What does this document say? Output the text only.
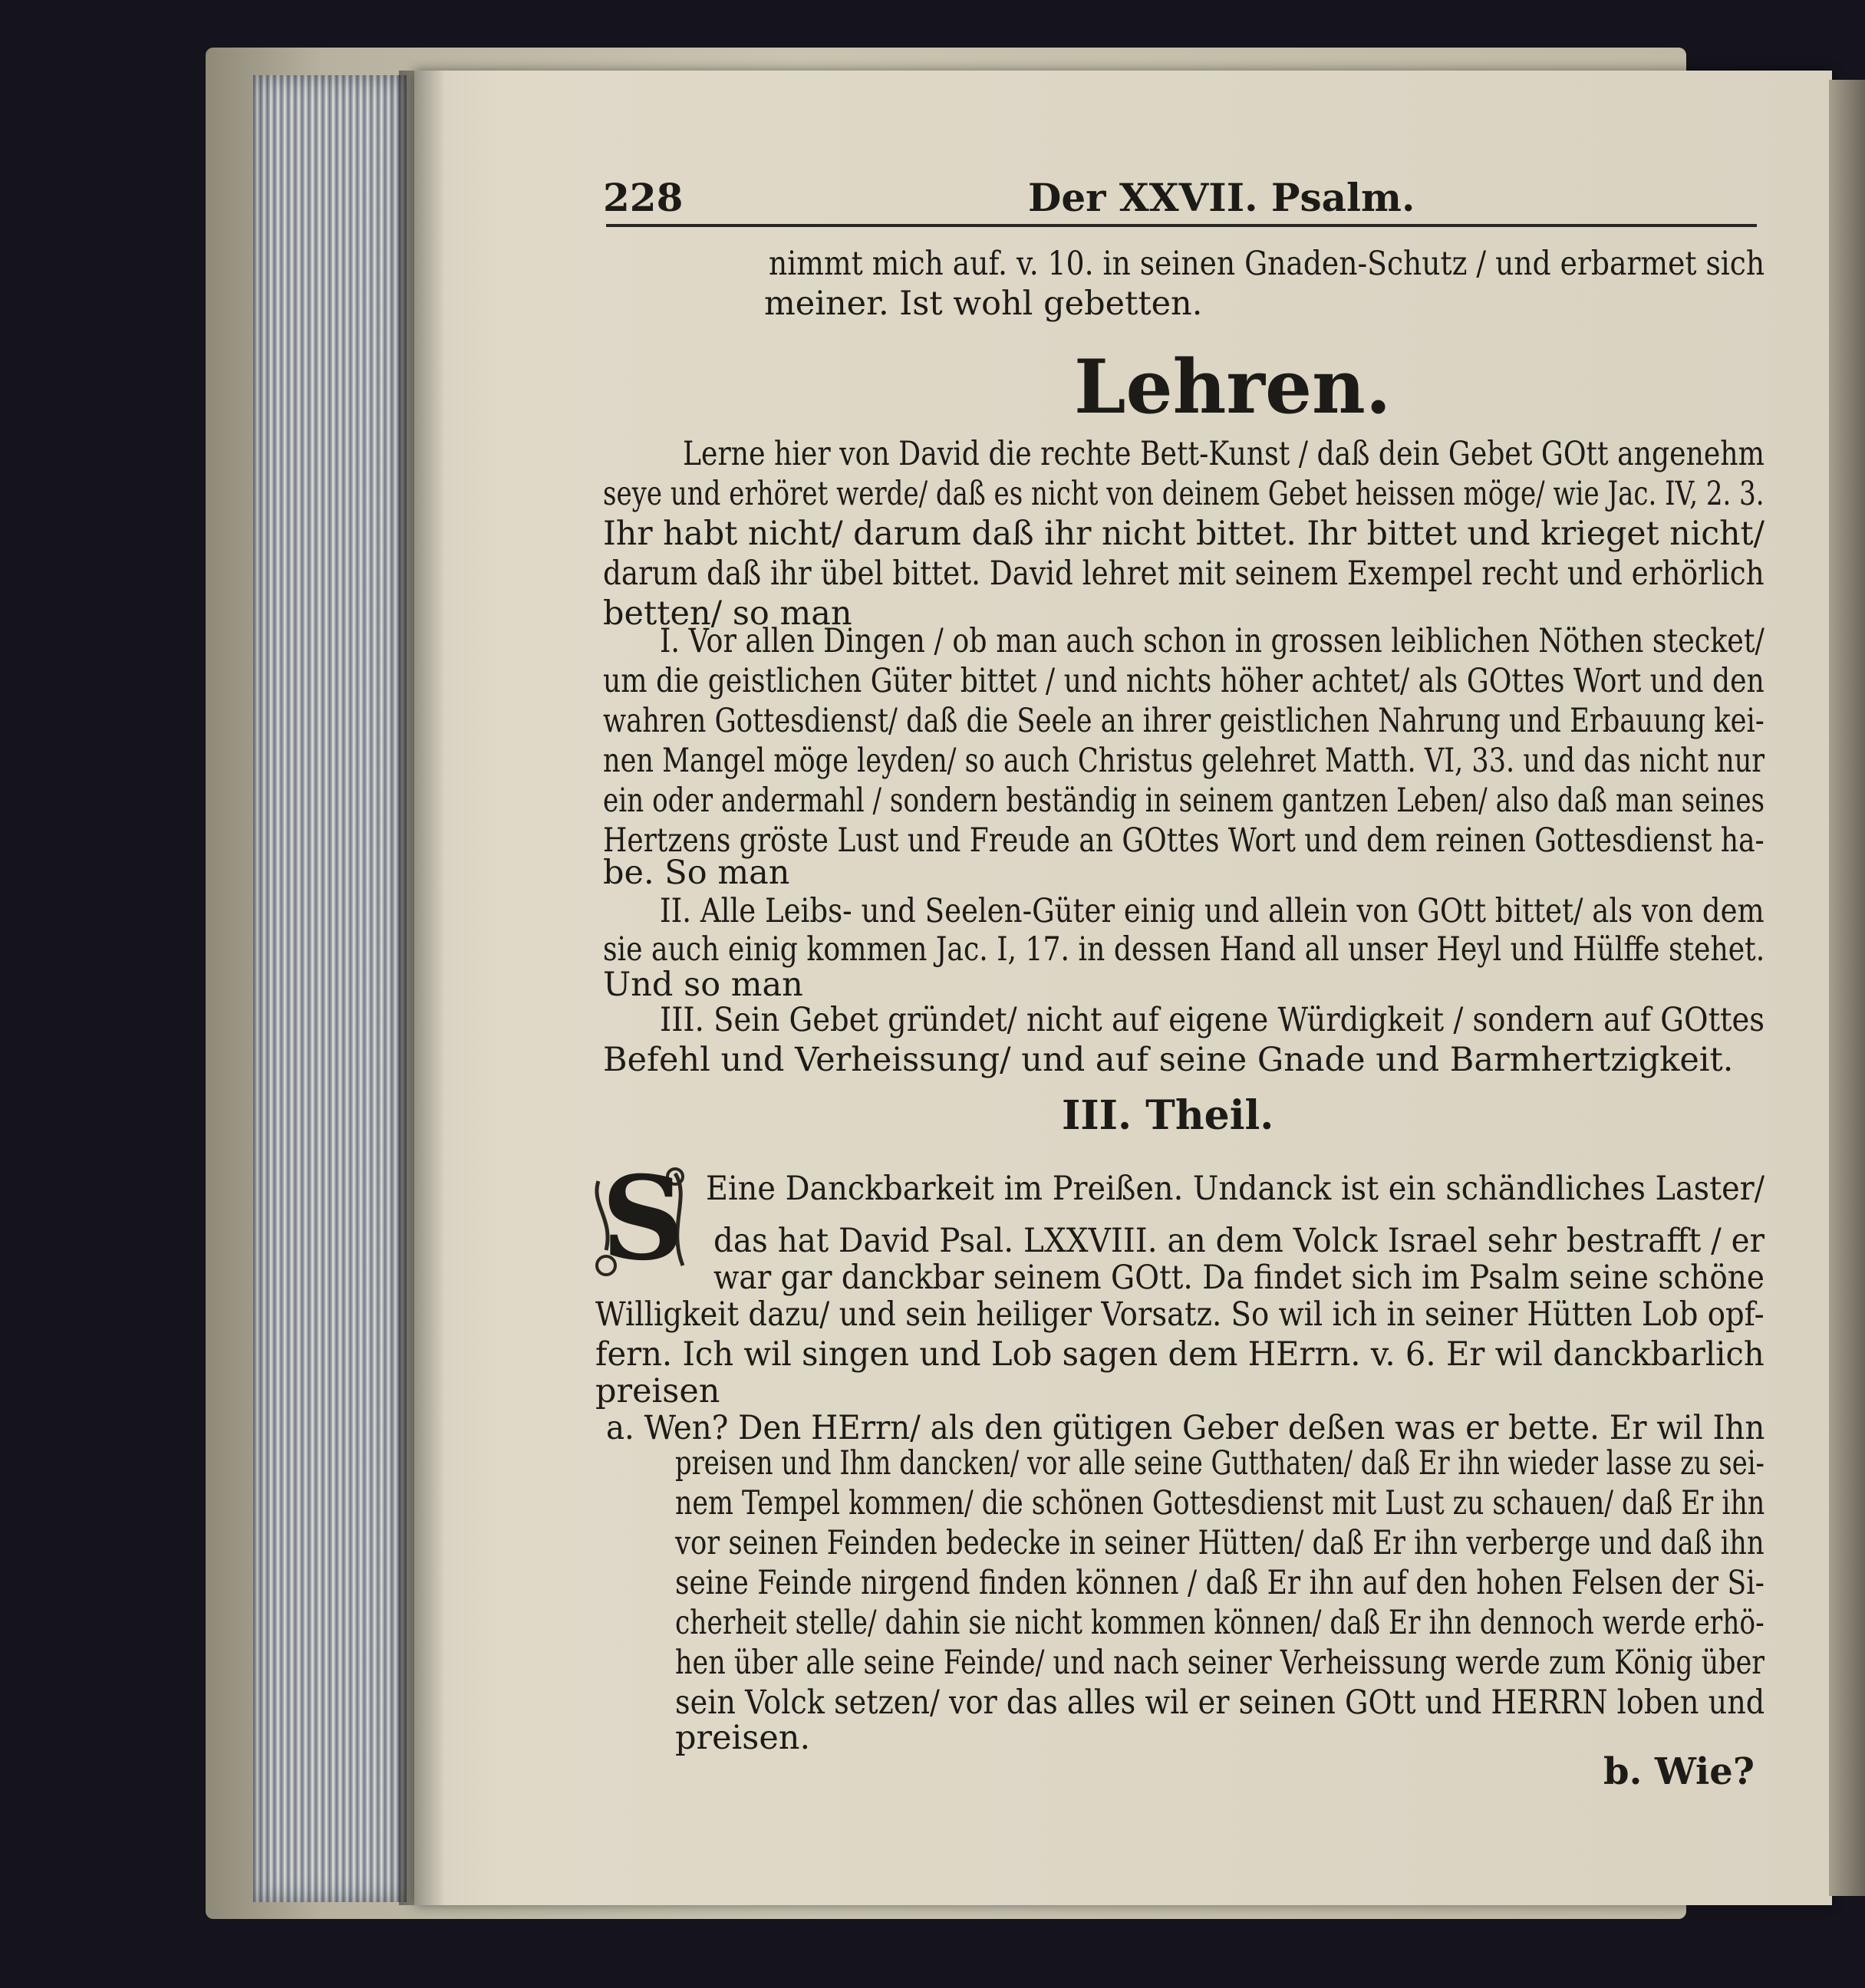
228	Der XXVII. Psalm.
nimmt mich auf. v. 10. in seinen Gnaden-Schutz / und erbarmet sich
meiner. Ist wohl gebetten.
Lehren.
Lerne hier von David die rechte Bett-Kunst / daß dein Gebet GOtt angenehm
seye und erhöret werde/ daß es nicht von deinem Gebet heissen möge/ wie Jac. IV, 2. 3.
Ihr habt nicht/ darum daß ihr nicht bittet. Ihr bittet und krieget nicht/
darum daß ihr übel bittet. David lehret mit seinem Exempel recht und erhörlich
betten/ so man
I. Vor allen Dingen / ob man auch schon in grossen leiblichen Nöthen stecket/
um die geistlichen Güter bittet / und nichts höher achtet/ als GOttes Wort und den
wahren Gottesdienst/ daß die Seele an ihrer geistlichen Nahrung und Erbauung kei-
nen Mangel möge leyden/ so auch Christus gelehret Matth. VI, 33. und das nicht nur
ein oder andermahl / sondern beständig in seinem gantzen Leben/ also daß man seines
Hertzens gröste Lust und Freude an GOttes Wort und dem reinen Gottesdienst ha-
be. So man
II. Alle Leibs- und Seelen-Güter einig und allein von GOtt bittet/ als von dem
sie auch einig kommen Jac. I, 17. in dessen Hand all unser Heyl und Hülffe stehet.
Und so man
III. Sein Gebet gründet/ nicht auf eigene Würdigkeit / sondern auf GOttes
Befehl und Verheissung/ und auf seine Gnade und Barmhertzigkeit.
III. Theil.
S Eine Danckbarkeit im Preißen. Undanck ist ein schändliches Laster/
das hat David Psal. LXXVIII. an dem Volck Israel sehr bestrafft / er
war gar danckbar seinem GOtt. Da findet sich im Psalm seine schöne
Willigkeit dazu/ und sein heiliger Vorsatz. So wil ich in seiner Hütten Lob opf-
fern. Ich wil singen und Lob sagen dem HErrn. v. 6. Er wil danckbarlich
preisen
a. Wen? Den HErrn/ als den gütigen Geber deßen was er bette. Er wil Ihn
preisen und Ihm dancken/ vor alle seine Gutthaten/ daß Er ihn wieder lasse zu sei-
nem Tempel kommen/ die schönen Gottesdienst mit Lust zu schauen/ daß Er ihn
vor seinen Feinden bedecke in seiner Hütten/ daß Er ihn verberge und daß ihn
seine Feinde nirgend finden können / daß Er ihn auf den hohen Felsen der Si-
cherheit stelle/ dahin sie nicht kommen können/ daß Er ihn dennoch werde erhö-
hen über alle seine Feinde/ und nach seiner Verheissung werde zum König über
sein Volck setzen/ vor das alles wil er seinen GOtt und HERRN loben und
preisen.
b. Wie?
